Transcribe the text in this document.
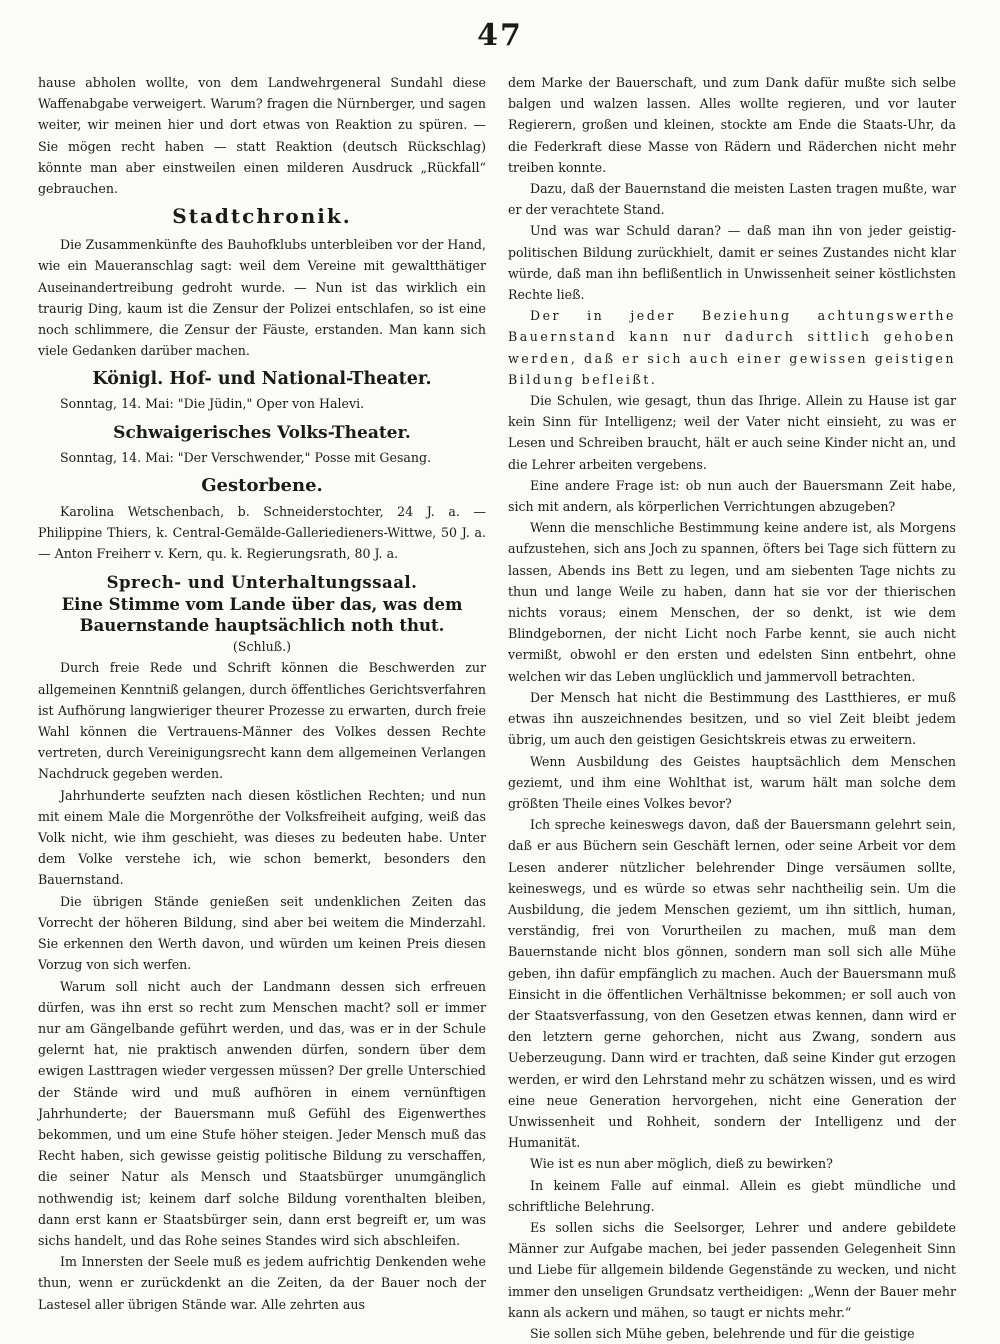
47

hause abholen wollte, von dem Landwehrgeneral Sundahl diese Waffenabgabe verweigert. Warum? fragen die Nürnberger, und sagen weiter, wir meinen hier und dort etwas von Reaktion zu spüren. — Sie mögen recht haben — statt Reaktion (deutsch Rückschlag) könnte man aber einstweilen einen milderen Ausdruck „Rückfall“ gebrauchen.

Stadtchronik.

Die Zusammenkünfte des Bauhofklubs unterbleiben vor der Hand, wie ein Maueranschlag sagt: weil dem Vereine mit gewaltthätiger Auseinandertreibung gedroht wurde. — Nun ist das wirklich ein traurig Ding, kaum ist die Zensur der Polizei entschlafen, so ist eine noch schlimmere, die Zensur der Fäuste, erstanden. Man kann sich viele Gedanken darüber machen.

Königl. Hof- und National-Theater.

Sonntag, 14. Mai: "Die Jüdin," Oper von Halevi.

Schwaigerisches Volks-Theater.

Sonntag, 14. Mai: "Der Verschwender," Posse mit Gesang.

Gestorbene.

Karolina Wetschenbach, b. Schneiderstochter, 24 J. a. — Philippine Thiers, k. Central-Gemälde-Galleriedieners-Wittwe, 50 J. a. — Anton Freiherr v. Kern, qu. k. Regierungsrath, 80 J. a.

Sprech- und Unterhaltungssaal.
Eine Stimme vom Lande über das, was dem Bauernstande hauptsächlich noth thut.
(Schluß.)

Durch freie Rede und Schrift können die Beschwerden zur allgemeinen Kenntniß gelangen, durch öffentliches Gerichtsverfahren ist Aufhörung langwieriger theurer Prozesse zu erwarten, durch freie Wahl können die Vertrauens-Männer des Volkes dessen Rechte vertreten, durch Vereinigungsrecht kann dem allgemeinen Verlangen Nachdruck gegeben werden.

Jahrhunderte seufzten nach diesen köstlichen Rechten; und nun mit einem Male die Morgenröthe der Volksfreiheit aufging, weiß das Volk nicht, wie ihm geschieht, was dieses zu bedeuten habe. Unter dem Volke verstehe ich, wie schon bemerkt, besonders den Bauernstand.

Die übrigen Stände genießen seit undenklichen Zeiten das Vorrecht der höheren Bildung, sind aber bei weitem die Minderzahl. Sie erkennen den Werth davon, und würden um keinen Preis diesen Vorzug von sich werfen.

Warum soll nicht auch der Landmann dessen sich erfreuen dürfen, was ihn erst so recht zum Menschen macht? soll er immer nur am Gängelbande geführt werden, und das, was er in der Schule gelernt hat, nie praktisch anwenden dürfen, sondern über dem ewigen Lasttragen wieder vergessen müssen? Der grelle Unterschied der Stände wird und muß aufhören in einem vernünftigen Jahrhunderte; der Bauersmann muß Gefühl des Eigenwerthes bekommen, und um eine Stufe höher steigen. Jeder Mensch muß das Recht haben, sich gewisse geistig politische Bildung zu verschaffen, die seiner Natur als Mensch und Staatsbürger unumgänglich nothwendig ist; keinem darf solche Bildung vorenthalten bleiben, dann erst kann er Staatsbürger sein, dann erst begreift er, um was sichs handelt, und das Rohe seines Standes wird sich abschleifen.

Im Innersten der Seele muß es jedem aufrichtig Denkenden wehe thun, wenn er zurückdenkt an die Zeiten, da der Bauer noch der Lastesel aller übrigen Stände war. Alle zehrten aus

dem Marke der Bauerschaft, und zum Dank dafür mußte sich selbe balgen und walzen lassen. Alles wollte regieren, und vor lauter Regierern, großen und kleinen, stockte am Ende die Staats-Uhr, da die Federkraft diese Masse von Rädern und Räderchen nicht mehr treiben konnte.

Dazu, daß der Bauernstand die meisten Lasten tragen mußte, war er der verachtete Stand.

Und was war Schuld daran? — daß man ihn von jeder geistig-politischen Bildung zurückhielt, damit er seines Zustandes nicht klar würde, daß man ihn beflißentlich in Unwissenheit seiner köstlichsten Rechte ließ.

Der in jeder Beziehung achtungswerthe Bauernstand kann nur dadurch sittlich gehoben werden, daß er sich auch einer gewissen geistigen Bildung befleißt.

Die Schulen, wie gesagt, thun das Ihrige. Allein zu Hause ist gar kein Sinn für Intelligenz; weil der Vater nicht einsieht, zu was er Lesen und Schreiben braucht, hält er auch seine Kinder nicht an, und die Lehrer arbeiten vergebens.

Eine andere Frage ist: ob nun auch der Bauersmann Zeit habe, sich mit andern, als körperlichen Verrichtungen abzugeben?

Wenn die menschliche Bestimmung keine andere ist, als Morgens aufzustehen, sich ans Joch zu spannen, öfters bei Tage sich füttern zu lassen, Abends ins Bett zu legen, und am siebenten Tage nichts zu thun und lange Weile zu haben, dann hat sie vor der thierischen nichts voraus; einem Menschen, der so denkt, ist wie dem Blindgebornen, der nicht Licht noch Farbe kennt, sie auch nicht vermißt, obwohl er den ersten und edelsten Sinn entbehrt, ohne welchen wir das Leben unglücklich und jammervoll betrachten.

Der Mensch hat nicht die Bestimmung des Lastthieres, er muß etwas ihn auszeichnendes besitzen, und so viel Zeit bleibt jedem übrig, um auch den geistigen Gesichtskreis etwas zu erweitern.

Wenn Ausbildung des Geistes hauptsächlich dem Menschen geziemt, und ihm eine Wohlthat ist, warum hält man solche dem größten Theile eines Volkes bevor?

Ich spreche keineswegs davon, daß der Bauersmann gelehrt sein, daß er aus Büchern sein Geschäft lernen, oder seine Arbeit vor dem Lesen anderer nützlicher belehrender Dinge versäumen sollte, keineswegs, und es würde so etwas sehr nachtheilig sein. Um die Ausbildung, die jedem Menschen geziemt, um ihn sittlich, human, verständig, frei von Vorurtheilen zu machen, muß man dem Bauernstande nicht blos gönnen, sondern man soll sich alle Mühe geben, ihn dafür empfänglich zu machen. Auch der Bauersmann muß Einsicht in die öffentlichen Verhältnisse bekommen; er soll auch von der Staatsverfassung, von den Gesetzen etwas kennen, dann wird er den letztern gerne gehorchen, nicht aus Zwang, sondern aus Ueberzeugung. Dann wird er trachten, daß seine Kinder gut erzogen werden, er wird den Lehrstand mehr zu schätzen wissen, und es wird eine neue Generation hervorgehen, nicht eine Generation der Unwissenheit und Rohheit, sondern der Intelligenz und der Humanität.

Wie ist es nun aber möglich, dieß zu bewirken?

In keinem Falle auf einmal. Allein es giebt mündliche und schriftliche Belehrung.

Es sollen sichs die Seelsorger, Lehrer und andere gebildete Männer zur Aufgabe machen, bei jeder passenden Gelegenheit Sinn und Liebe für allgemein bildende Gegenstände zu wecken, und nicht immer den unseligen Grundsatz vertheidigen: „Wenn der Bauer mehr kann als ackern und mähen, so taugt er nichts mehr.“

Sie sollen sich Mühe geben, belehrende und für die geistige
